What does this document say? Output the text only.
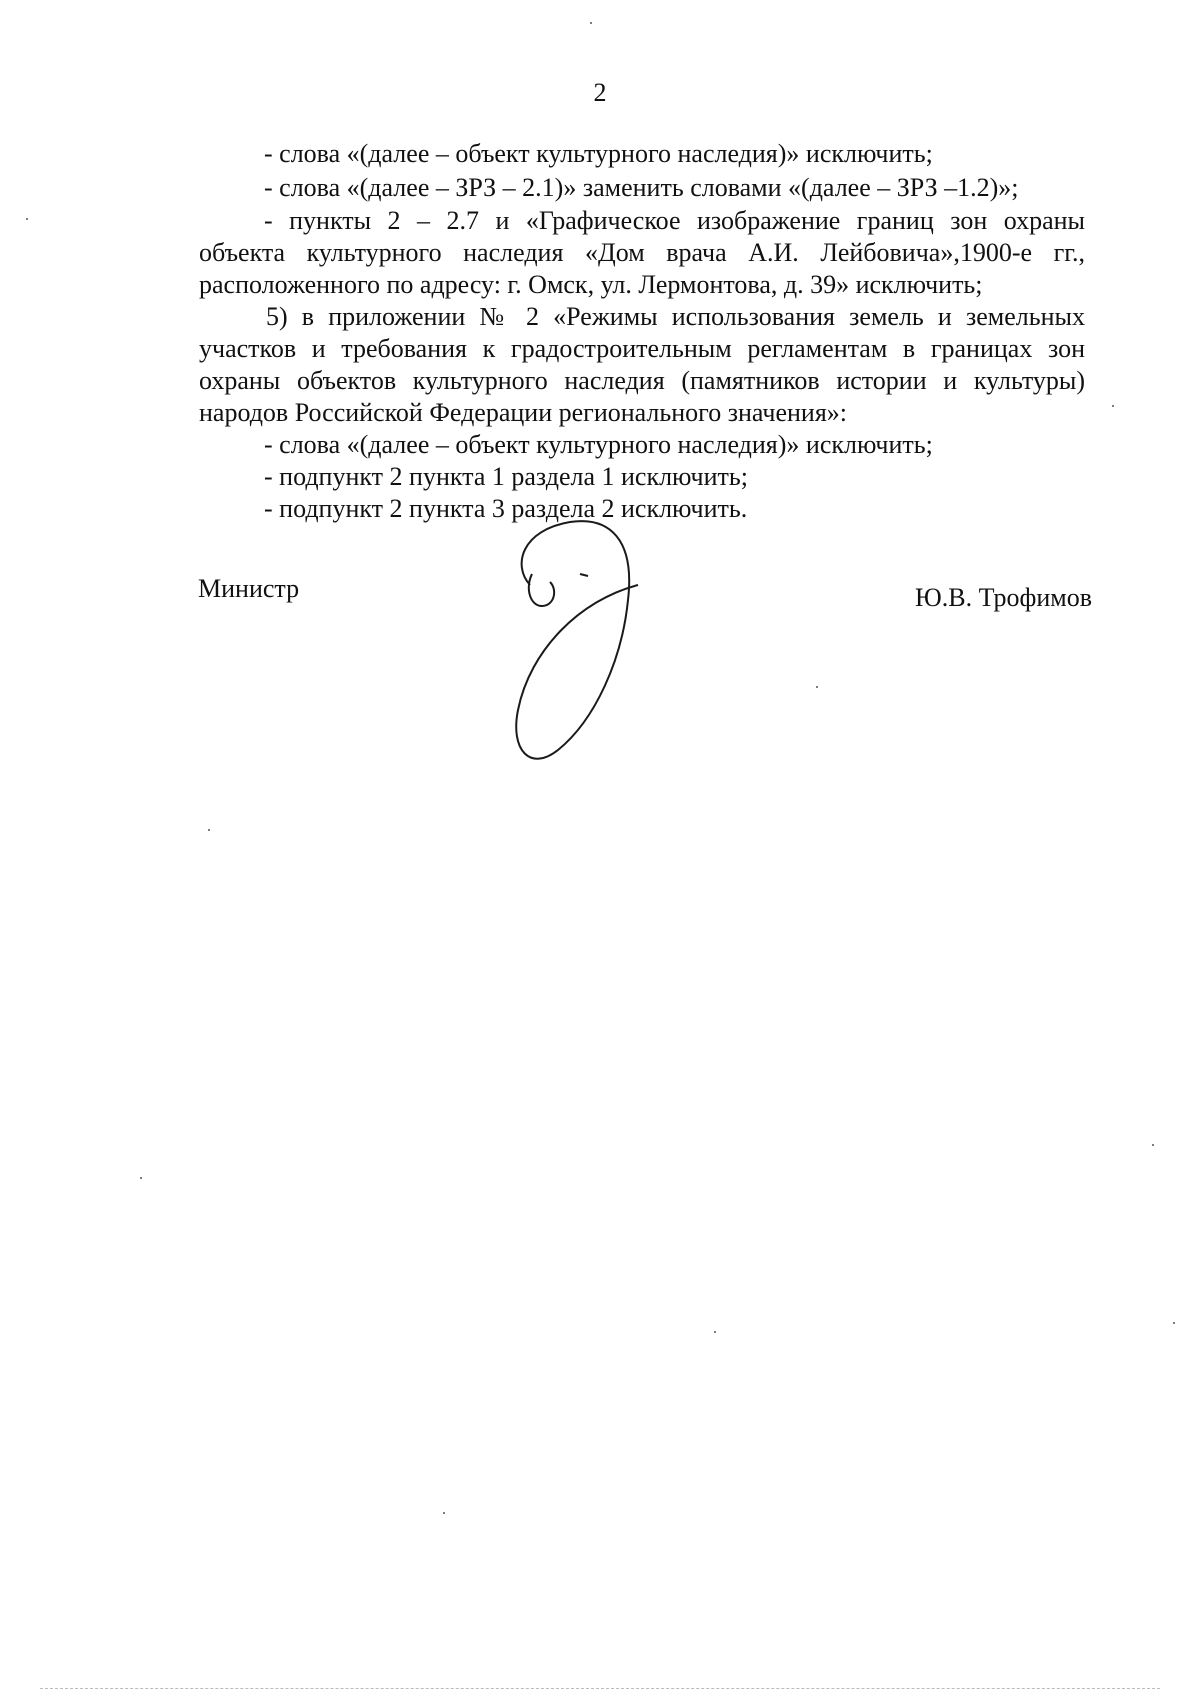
2
- слова «(далее – объект культурного наследия)» исключить;
- слова «(далее – ЗРЗ – 2.1)» заменить словами «(далее – ЗРЗ –1.2)»;
- пункты 2 – 2.7 и «Графическое изображение границ зон охраны
объекта культурного наследия «Дом врача А.И. Лейбовича»,1900-е гг.,
расположенного по адресу: г. Омск, ул. Лермонтова, д. 39» исключить;
5) в приложении № 2 «Режимы использования земель и земельных
участков и требования к градостроительным регламентам в границах зон
охраны объектов культурного наследия (памятников истории и культуры)
народов Российской Федерации регионального значения»:
- слова «(далее – объект культурного наследия)» исключить;
- подпункт 2 пункта 1 раздела 1 исключить;
- подпункт 2 пункта 3 раздела 2 исключить.
Министр	Ю.В. Трофимов
